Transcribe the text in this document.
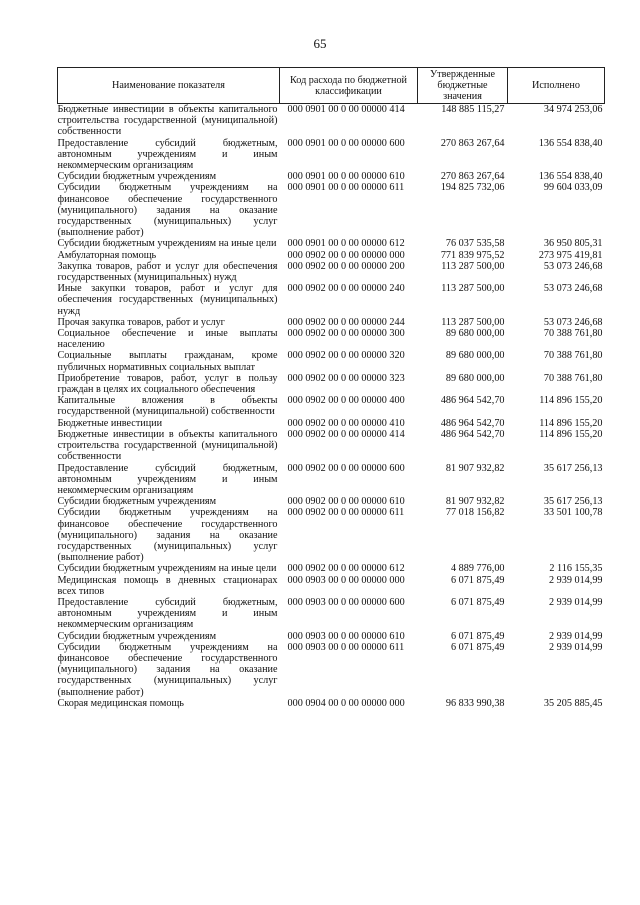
65
Наименование показателя	Код расхода по бюджетной классификации	Утвержденные бюджетные значения	Исполнено
Бюджетные инвестиции в объекты капитального строительства государственной (муниципальной) собственности	000 0901 00 0 00 00000 414	148 885 115,27	34 974 253,06
Предоставление субсидий бюджетным, автономным учреждениям и иным некоммерческим организациям	000 0901 00 0 00 00000 600	270 863 267,64	136 554 838,40
Субсидии бюджетным учреждениям	000 0901 00 0 00 00000 610	270 863 267,64	136 554 838,40
Субсидии бюджетным учреждениям на финансовое обеспечение государственного (муниципального) задания на оказание государственных (муниципальных) услуг (выполнение работ)	000 0901 00 0 00 00000 611	194 825 732,06	99 604 033,09
Субсидии бюджетным учреждениям на иные цели	000 0901 00 0 00 00000 612	76 037 535,58	36 950 805,31
Амбулаторная помощь	000 0902 00 0 00 00000 000	771 839 975,52	273 975 419,81
Закупка товаров, работ и услуг для обеспечения государственных (муниципальных) нужд	000 0902 00 0 00 00000 200	113 287 500,00	53 073 246,68
Иные закупки товаров, работ и услуг для обеспечения государственных (муниципальных) нужд	000 0902 00 0 00 00000 240	113 287 500,00	53 073 246,68
Прочая закупка товаров, работ и услуг	000 0902 00 0 00 00000 244	113 287 500,00	53 073 246,68
Социальное обеспечение и иные выплаты населению	000 0902 00 0 00 00000 300	89 680 000,00	70 388 761,80
Социальные выплаты гражданам, кроме публичных нормативных социальных выплат	000 0902 00 0 00 00000 320	89 680 000,00	70 388 761,80
Приобретение товаров, работ, услуг в пользу граждан в целях их социального обеспечения	000 0902 00 0 00 00000 323	89 680 000,00	70 388 761,80
Капитальные вложения в объекты государственной (муниципальной) собственности	000 0902 00 0 00 00000 400	486 964 542,70	114 896 155,20
Бюджетные инвестиции	000 0902 00 0 00 00000 410	486 964 542,70	114 896 155,20
Бюджетные инвестиции в объекты капитального строительства государственной (муниципальной) собственности	000 0902 00 0 00 00000 414	486 964 542,70	114 896 155,20
Предоставление субсидий бюджетным, автономным учреждениям и иным некоммерческим организациям	000 0902 00 0 00 00000 600	81 907 932,82	35 617 256,13
Субсидии бюджетным учреждениям	000 0902 00 0 00 00000 610	81 907 932,82	35 617 256,13
Субсидии бюджетным учреждениям на финансовое обеспечение государственного (муниципального) задания на оказание государственных (муниципальных) услуг (выполнение работ)	000 0902 00 0 00 00000 611	77 018 156,82	33 501 100,78
Субсидии бюджетным учреждениям на иные цели	000 0902 00 0 00 00000 612	4 889 776,00	2 116 155,35
Медицинская помощь в дневных стационарах всех типов	000 0903 00 0 00 00000 000	6 071 875,49	2 939 014,99
Предоставление субсидий бюджетным, автономным учреждениям и иным некоммерческим организациям	000 0903 00 0 00 00000 600	6 071 875,49	2 939 014,99
Субсидии бюджетным учреждениям	000 0903 00 0 00 00000 610	6 071 875,49	2 939 014,99
Субсидии бюджетным учреждениям на финансовое обеспечение государственного (муниципального) задания на оказание государственных (муниципальных) услуг (выполнение работ)	000 0903 00 0 00 00000 611	6 071 875,49	2 939 014,99
Скорая медицинская помощь	000 0904 00 0 00 00000 000	96 833 990,38	35 205 885,45
